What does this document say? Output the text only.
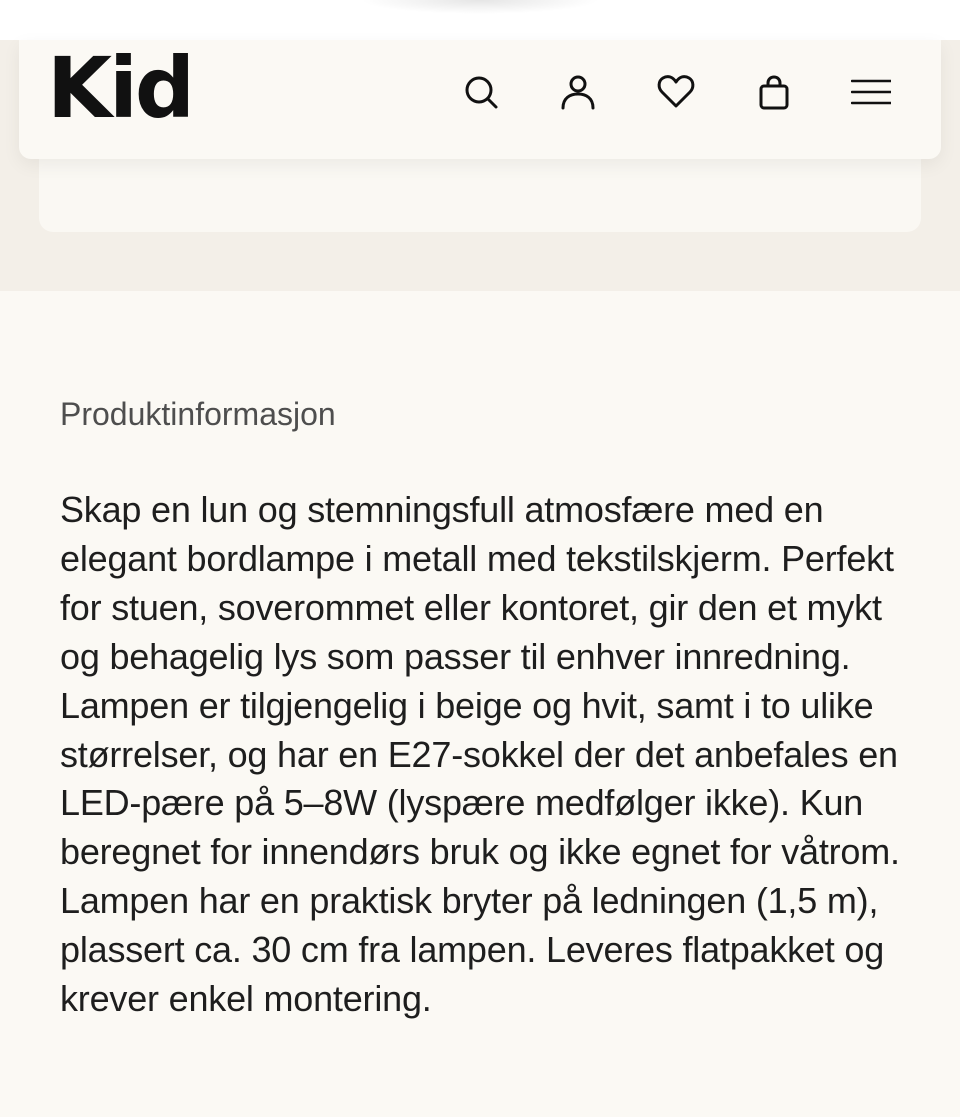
Kid
Produktinformasjon

Skap en lun og stemningsfull atmosfære med en elegant bordlampe i metall med tekstilskjerm. Perfekt for stuen, soverommet eller kontoret, gir den et mykt og behagelig lys som passer til enhver innredning. Lampen er tilgjengelig i beige og hvit, samt i to ulike størrelser, og har en E27-sokkel der det anbefales en LED-pære på 5–8W (lyspære medfølger ikke). Kun beregnet for innendørs bruk og ikke egnet for våtrom. Lampen har en praktisk bryter på ledningen (1,5 m), plassert ca. 30 cm fra lampen. Leveres flatpakket og krever enkel montering.
